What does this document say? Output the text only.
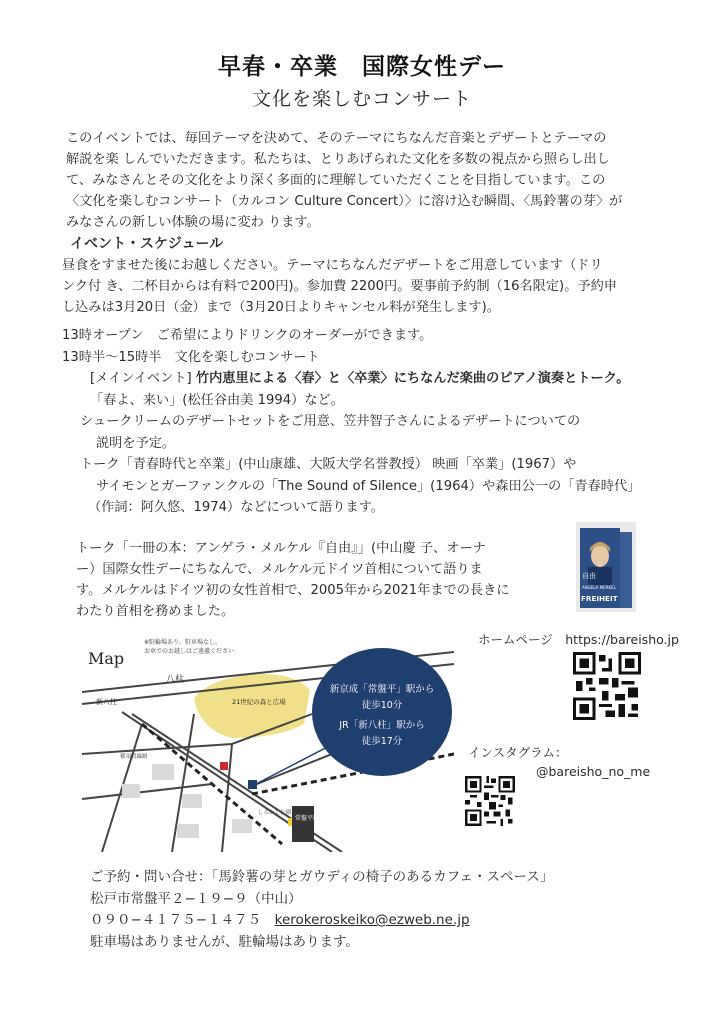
早春・卒業　国際女性デー
文化を楽しむコンサート
このイベントでは、毎回テーマを決めて、そのテーマにちなんだ音楽とデザートとテーマの
解説を楽 しんでいただきます。私たちは、とりあげられた文化を多数の視点から照らし出し
て、みなさんとその文化をより深く多面的に理解していただくことを目指しています。この
〈文化を楽しむコンサート（カルコン Culture Concert）〉に溶け込む瞬間、〈馬鈴薯の芽〉が
みなさんの新しい体験の場に変わ ります。
イベント・スケジュール
昼食をすませた後にお越しください。テーマにちなんだデザートをご用意しています（ドリ
ンク付 き、二杯目からは有料で200円)。参加費 2200円。要事前予約制（16名限定)。予約申
し込みは3月20日（金）まで（3月20日よりキャンセル料が発生します)。
13時オープン　ご希望によりドリンクのオーダーができます。
13時半〜15時半　文化を楽しむコンサート
[メインイベント] 竹内恵里による〈春〉と〈卒業〉にちなんだ楽曲のピアノ演奏とトーク。
「春よ、来い」(松任谷由美 1994）など。
シュークリームのデザートセットをご用意、笠井智子さんによるデザートについての
説明を予定。
トーク「青春時代と卒業」(中山康雄、大阪大学名誉教授） 映画「卒業」(1967）や
サイモンとガーファンクルの「The Sound of Silence」(1964）や森田公一の「青春時代」
（作詞：阿久悠、1974）などについて語ります。
トーク「一冊の本：アンゲラ・メルケル『自由』」(中山慶 子、オーナ
ー）国際女性デーにちなんで、メルケル元ドイツ首相について語りま
す。メルケルはドイツ初の女性首相で、2005年から2021年までの長きに
わたり首相を務めました。
自由
ANGELA MERKEL
FREIHEIT
常盤平駅
Map
※駐輪場あり。駐車場なし。
お車でのお越しはご遠慮ください
21世紀の森と広場
新八柱
八柱
横須賀線路
しらかし公園
新京成「常盤平」駅から
徒歩10分
JR「新八柱」駅から
徒歩17分
ホームページ　https://bareisho.jp
インスタグラム：
@bareisho_no_me
ご予約・問い合せ：「馬鈴薯の芽とガウディの椅子のあるカフェ・スペース」
松戸市常盤平２−１９−９（中山）
０９０−４１７５−１４７５　 kerokeroskeiko@ezweb.ne.jp
駐車場はありませんが、駐輪場はあります。
